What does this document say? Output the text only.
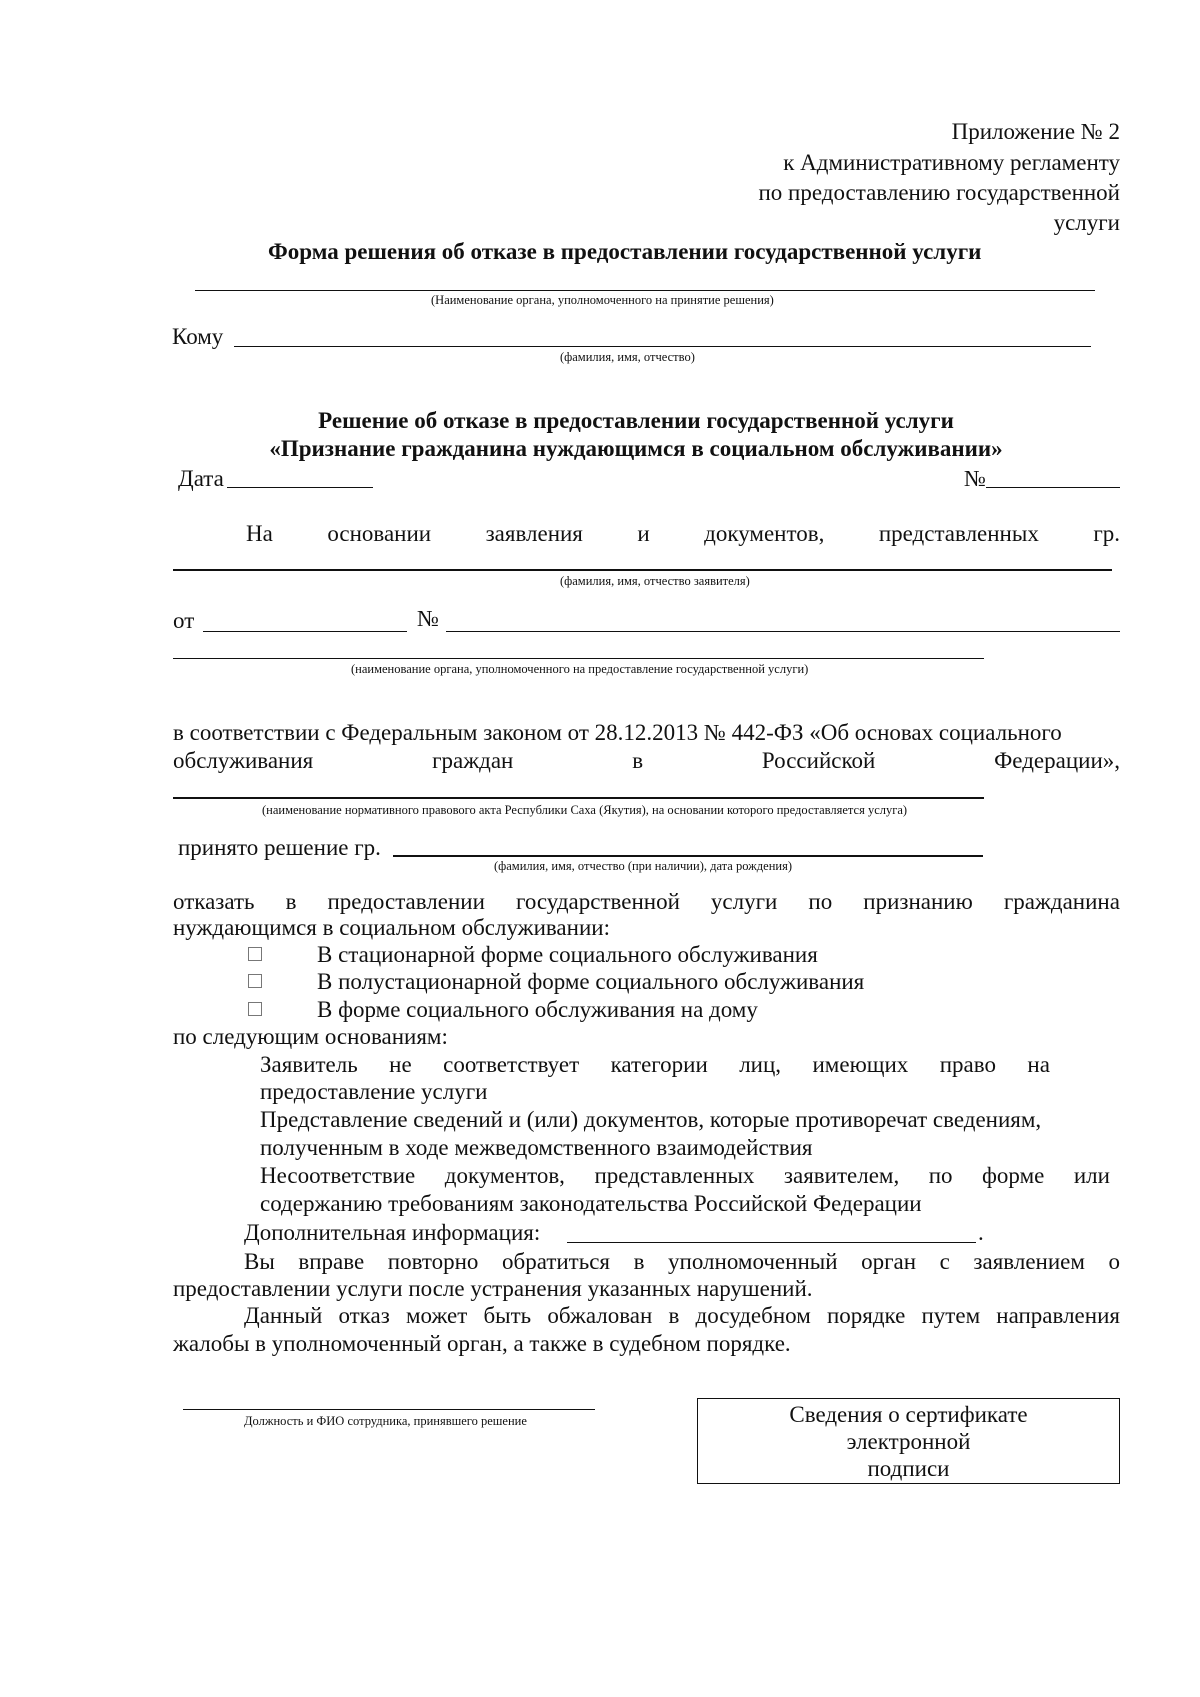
Приложение № 2
к Административному регламенту
по предоставлению государственной
услуги
Форма решения об отказе в предоставлении государственной услуги
(Наименование органа, уполномоченного на принятие решения)
Кому
(фамилия, имя, отчество)
Решение об отказе в предоставлении государственной услуги
«Признание гражданина нуждающимся в социальном обслуживании»
Дата	№
На основании заявления и документов, представленных гр.
(фамилия, имя, отчество заявителя)
от	№
(наименование органа, уполномоченного на предоставление государственной услуги)
в соответствии с Федеральным законом от 28.12.2013 № 442-ФЗ «Об основах социального
обслуживания	граждан	в	Российской	Федерации»,
(наименование нормативного правового акта Республики Саха (Якутия), на основании которого предоставляется услуга)
принято решение гр.
(фамилия, имя, отчество (при наличии), дата рождения)
отказать в предоставлении государственной услуги по признанию гражданина
нуждающимся в социальном обслуживании:
В стационарной форме социального обслуживания
В полустационарной форме социального обслуживания
В форме социального обслуживания на дому
по следующим основаниям:
Заявитель не соответствует категории лиц, имеющих право на
предоставление услуги
Представление сведений и (или) документов, которые противоречат сведениям,
полученным в ходе межведомственного взаимодействия
Несоответствие документов, представленных заявителем, по форме или
содержанию требованиям законодательства Российской Федерации
Дополнительная информация:	.
Вы вправе повторно обратиться в уполномоченный орган с заявлением о
предоставлении услуги после устранения указанных нарушений.
Данный отказ может быть обжалован в досудебном порядке путем направления
жалобы в уполномоченный орган, а также в судебном порядке.
Должность и ФИО сотрудника, принявшего решение	Сведения о сертификате
электронной
подписи
